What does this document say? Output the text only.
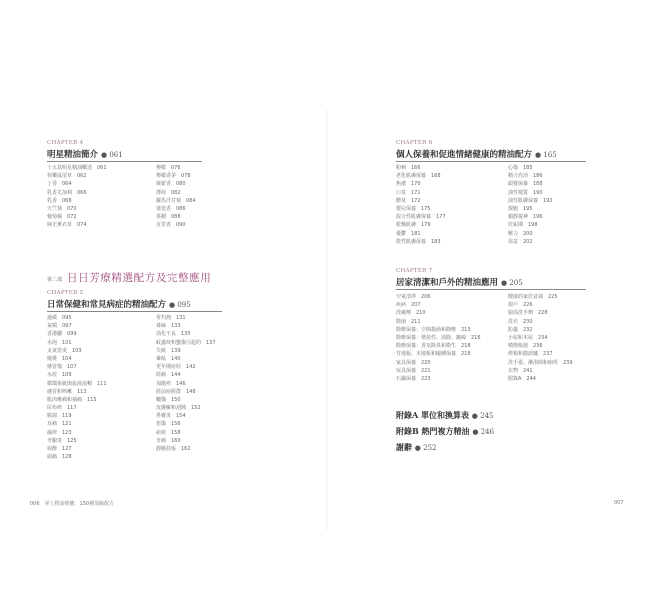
CHAPTER 4
明星精油簡介 ● 061
十五款明星精油概述　061
快樂鼠尾草　062
丁香　064
乳香尤加利　066
乳香　068
天竺葵　070
葡萄柚　072
純正薰衣草　074
檸檬　076
檸檬香茅　078
廣藿香　080
薄荷　082
蘿馬洋甘菊　084
迷迭香　086
茶樹　088
百里香　090
第二部 日日芳療精選配方及完整應用
CHAPTER 5
日常保健和常見病症的精油配方 ● 095
過敏　095
氣喘　097
香港腳　099
水泡　101
支氣管炎　103
燒燙　104
感冒傷　107
水痘　109
循環系統與血液流暢　111
感冒和咳嗽　113
肌肉痠痛和抽痛　115
尿布疹　117
腹瀉　119
耳痛　121
濕疹　123
牙齦炎　125
宿醉　127
頭痛　128
胃灼熱　131
蕁麻　133
消化不良　135
蚊蟲咬和螫傷引起的　137
失眠　139
暈眩　140
更年期症狀　142
經痛　144
加龍疹　146
經前症候群　148
曬傷　150
皮膚癬和刮蝕　152
鼻竇炎　154
扭傷　156
瘀痕　158
牙痛　160
靜脈曲張　162
006　掌上精油療癒：150種頂級配方
CHAPTER 6
個人保養和促進情緒健康的精油配方 ● 165
粉刺　166
老化肌膚保養　168
焦慮　170
口臭　171
體臭　172
嬰兒保養　175
混合性肌膚保養　177
乾燥肌膚　179
憂鬱　181
乾性肌膚保養　183
心傷　185
精力充沛　186
頭髮保養　188
油性髮質　190
油性肌膚保養　192
復胞　195
鎮靜提神　196
妊娠期　198
壓力　200
浴盆　202
CHAPTER 7
居家清潔和戶外的精油應用 ● 205
空氣清淨　206
疾病　207
洗碗劑　210
除菌　211
除塵保養：空間殺菌和除塵　213
除塵保養：增盈性、消除、鏈綿　216
除塵保養：香氛除臭和衛生　218
竹地板、木地板和磁磚保養　218
家具保養　220
玩具保養　221
石鍋保養　223
健康的家居盆栽　225
窗戶　226
廚浴洗手劑　228
洗衣　230
防蟲　232
小屋和木屋　234
噴燈瓶器　236
烤箱和微波爐　237
洗手臺、淋浴間和廁所　239
衣物　241
附錄A　244
附錄A 單位和換算表 ● 245
附錄B 熱門複方精油 ● 246
謝辭 ● 252
007
